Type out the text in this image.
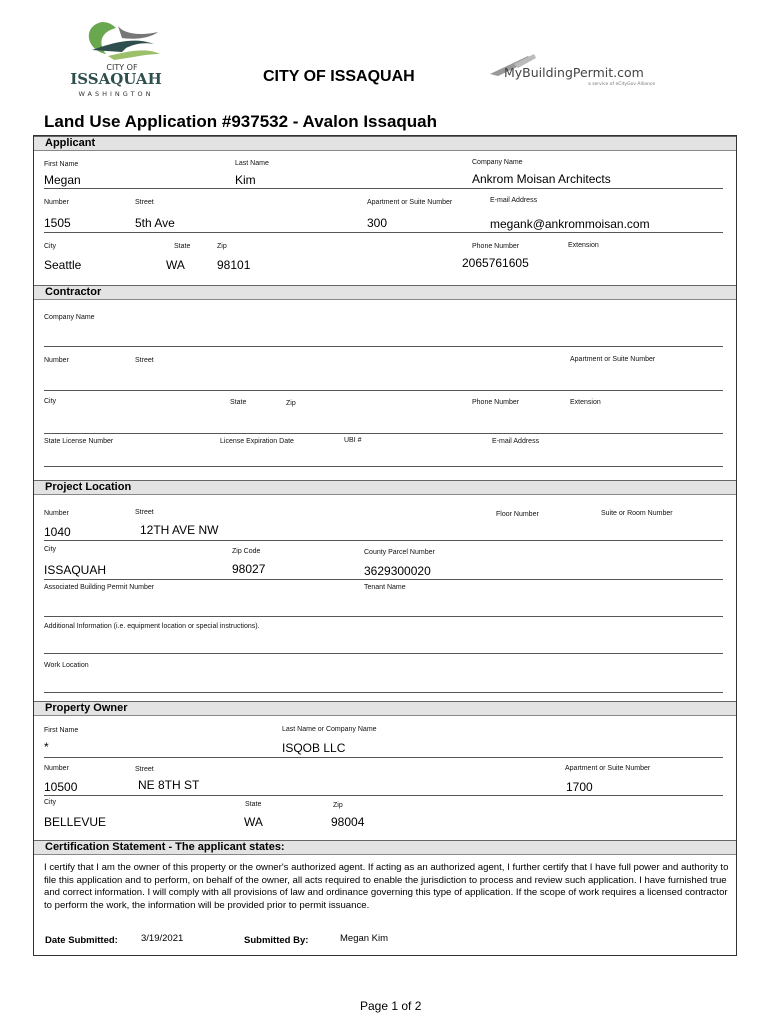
CITY OF
ISSAQUAH
WASHINGTON
CITY OF ISSAQUAH	MyBuildingPermit.com
a service of eCityGov Alliance
Land Use Application #937532 - Avalon Issaquah
Applicant
First Name	Last Name	Company Name
Megan	Kim	Ankrom Moisan Architects
Number	Street	Apartment or Suite Number	E-mail Address
1505	5th Ave	300	megank@ankrommoisan.com
City	State	Zip	Phone Number	Extension
Seattle	WA	98101	2065761605
Contractor
Company Name
Number	Street	Apartment or Suite Number
City	State	Zip	Phone Number	Extension
State License Number	License Expiration Date	UBI #	E-mail Address
Project Location
Number	Street	Floor Number	Suite or Room Number
1040	12TH AVE NW
City	Zip Code	County Parcel Number
ISSAQUAH	98027	3629300020
Associated Building Permit Number	Tenant Name
Additional Information (i.e. equipment location or special instructions).
Work Location
Property Owner
First Name	Last Name or Company Name
*	ISQOB LLC
Number	Street	Apartment or Suite Number
10500	NE 8TH ST	1700
City	State	Zip
BELLEVUE	WA	98004
Certification Statement - The applicant states:
I certify that I am the owner of this property or the owner's authorized agent. If acting as an authorized agent, I further certify that I have full power and authority to file this application and to perform, on behalf of the owner, all acts required to enable the jurisdiction to process and review such application. I have furnished true and correct information. I will comply with all provisions of law and ordinance governing this type of application. If the scope of work requires a licensed contractor to perform the work, the information will be provided prior to permit issuance.
Date Submitted: 3/19/2021	Submitted By:	Megan Kim
Page 1 of 2
